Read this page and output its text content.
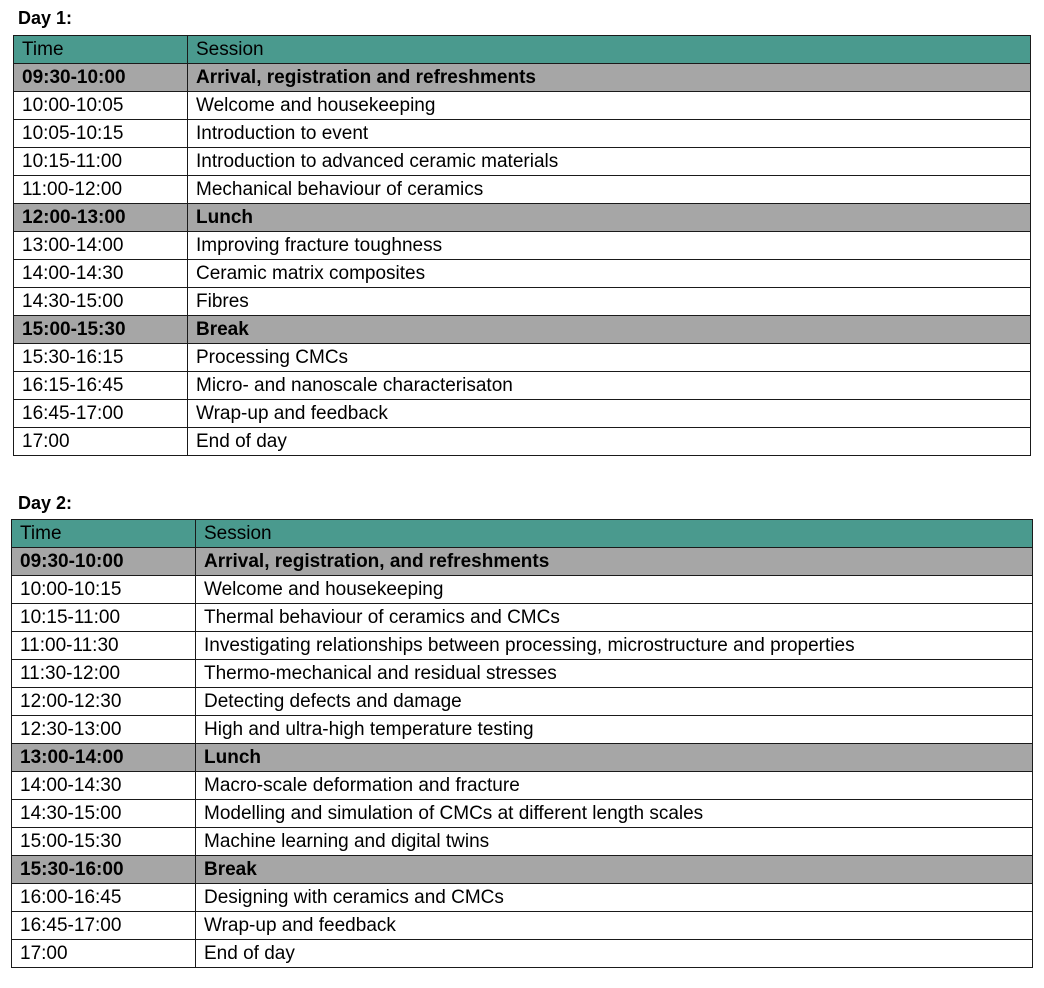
Day 1:
Time	Session
09:30-10:00	Arrival, registration and refreshments
10:00-10:05	Welcome and housekeeping
10:05-10:15	Introduction to event
10:15-11:00	Introduction to advanced ceramic materials
11:00-12:00	Mechanical behaviour of ceramics
12:00-13:00	Lunch
13:00-14:00	Improving fracture toughness
14:00-14:30	Ceramic matrix composites
14:30-15:00	Fibres
15:00-15:30	Break
15:30-16:15	Processing CMCs
16:15-16:45	Micro- and nanoscale characterisaton
16:45-17:00	Wrap-up and feedback
17:00	End of day
Day 2:
Time	Session
09:30-10:00	Arrival, registration, and refreshments
10:00-10:15	Welcome and housekeeping
10:15-11:00	Thermal behaviour of ceramics and CMCs
11:00-11:30	Investigating relationships between processing, microstructure and properties
11:30-12:00	Thermo-mechanical and residual stresses
12:00-12:30	Detecting defects and damage
12:30-13:00	High and ultra-high temperature testing
13:00-14:00	Lunch
14:00-14:30	Macro-scale deformation and fracture
14:30-15:00	Modelling and simulation of CMCs at different length scales
15:00-15:30	Machine learning and digital twins
15:30-16:00	Break
16:00-16:45	Designing with ceramics and CMCs
16:45-17:00	Wrap-up and feedback
17:00	End of day
